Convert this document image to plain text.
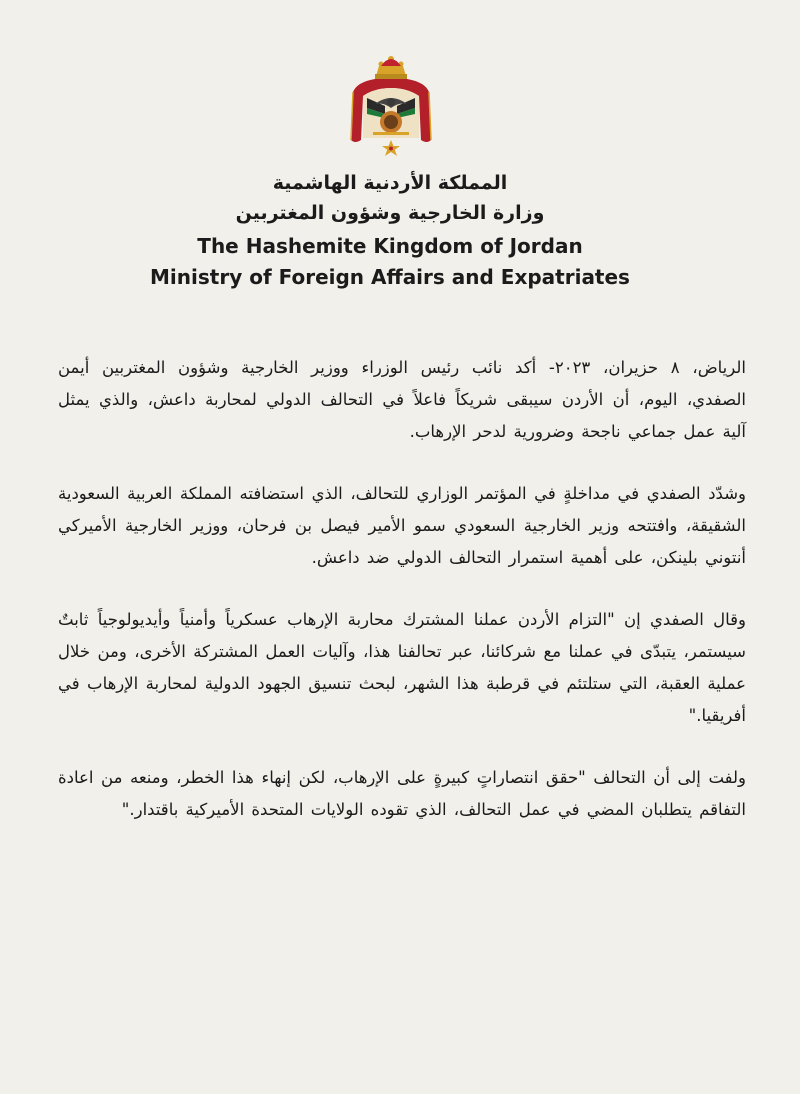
المملكة الأردنية الهاشمية

وزارة الخارجية وشؤون المغتربين

The Hashemite Kingdom of Jordan

Ministry of Foreign Affairs and Expatriates

الرياض، ٨ حزيران، ٢٠٢٣- أكد نائب رئيس الوزراء ووزير الخارجية وشؤون المغتربين أيمن الصفدي، اليوم، أن الأردن سيبقى شريكاً فاعلاً في التحالف الدولي لمحاربة داعش، والذي يمثل آلية عمل جماعي ناجحة وضرورية لدحر الإرهاب.

وشدّد الصفدي في مداخلةٍ في المؤتمر الوزاري للتحالف، الذي استضافته المملكة العربية السعودية الشقيقة، وافتتحه وزير الخارجية السعودي سمو الأمير فيصل بن فرحان، ووزير الخارجية الأميركي أنتوني بلينكن، على أهمية استمرار التحالف الدولي ضد داعش.

وقال الصفدي إن "التزام الأردن عملنا المشترك محاربة الإرهاب عسكرياً وأمنياً وأيديولوجياً ثابتٌ سيستمر، يتبدّى في عملنا مع شركائنا، عبر تحالفنا هذا، وآليات العمل المشتركة الأخرى، ومن خلال عملية العقبة، التي ستلتئم في قرطبة هذا الشهر، لبحث تنسيق الجهود الدولية لمحاربة الإرهاب في أفريقيا."

ولفت إلى أن التحالف "حقق انتصاراتٍ كبيرةٍ على الإرهاب، لكن إنهاء هذا الخطر، ومنعه من اعادة التفاقم يتطلبان المضي في عمل التحالف، الذي تقوده الولايات المتحدة الأميركية باقتدار."
